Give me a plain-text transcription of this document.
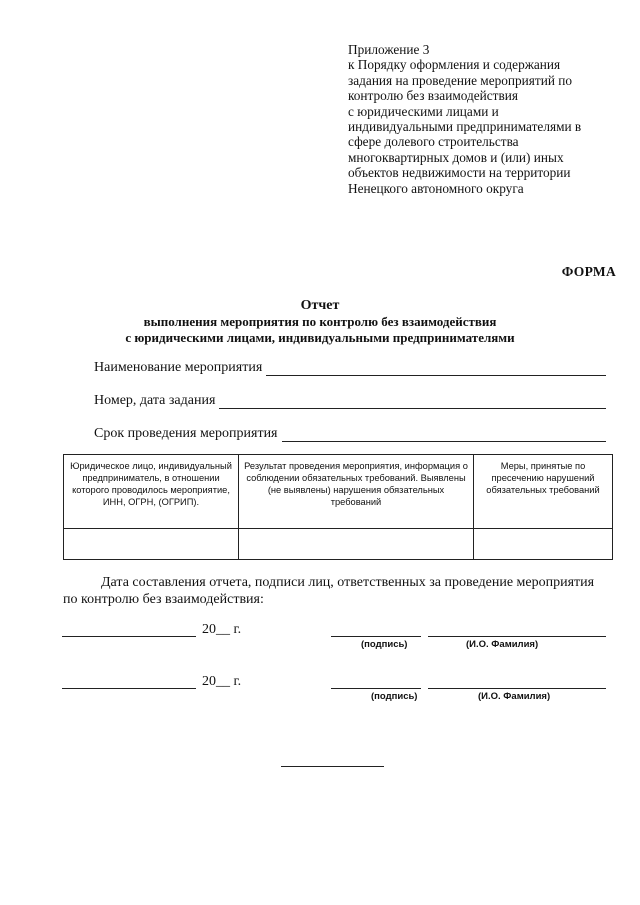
Приложение 3
к Порядку оформления и содержания
задания на проведение мероприятий по
контролю без взаимодействия
с юридическими лицами и
индивидуальными предпринимателями в
сфере долевого строительства
многоквартирных домов и (или) иных
объектов недвижимости на территории
Ненецкого автономного округа
ФОРМА
Отчет
выполнения мероприятия по контролю без взаимодействия
с юридическими лицами, индивидуальными предпринимателями
Наименование мероприятия
Номер, дата задания
Срок проведения мероприятия
Юридическое лицо, индивидуальный предприниматель, в отношении которого проводилось мероприятие, ИНН, ОГРН, (ОГРИП).	Результат проведения мероприятия, информация о соблюдении обязательных требований. Выявлены (не выявлены) нарушения обязательных требований	Меры, принятые по пресечению нарушений обязательных требований

Дата составления отчета, подписи лиц, ответственных за проведение мероприятия по контролю без взаимодействия:
20__ г.
(подпись)	(И.О. Фамилия)
20__ г.
(подпись)	(И.О. Фамилия)
